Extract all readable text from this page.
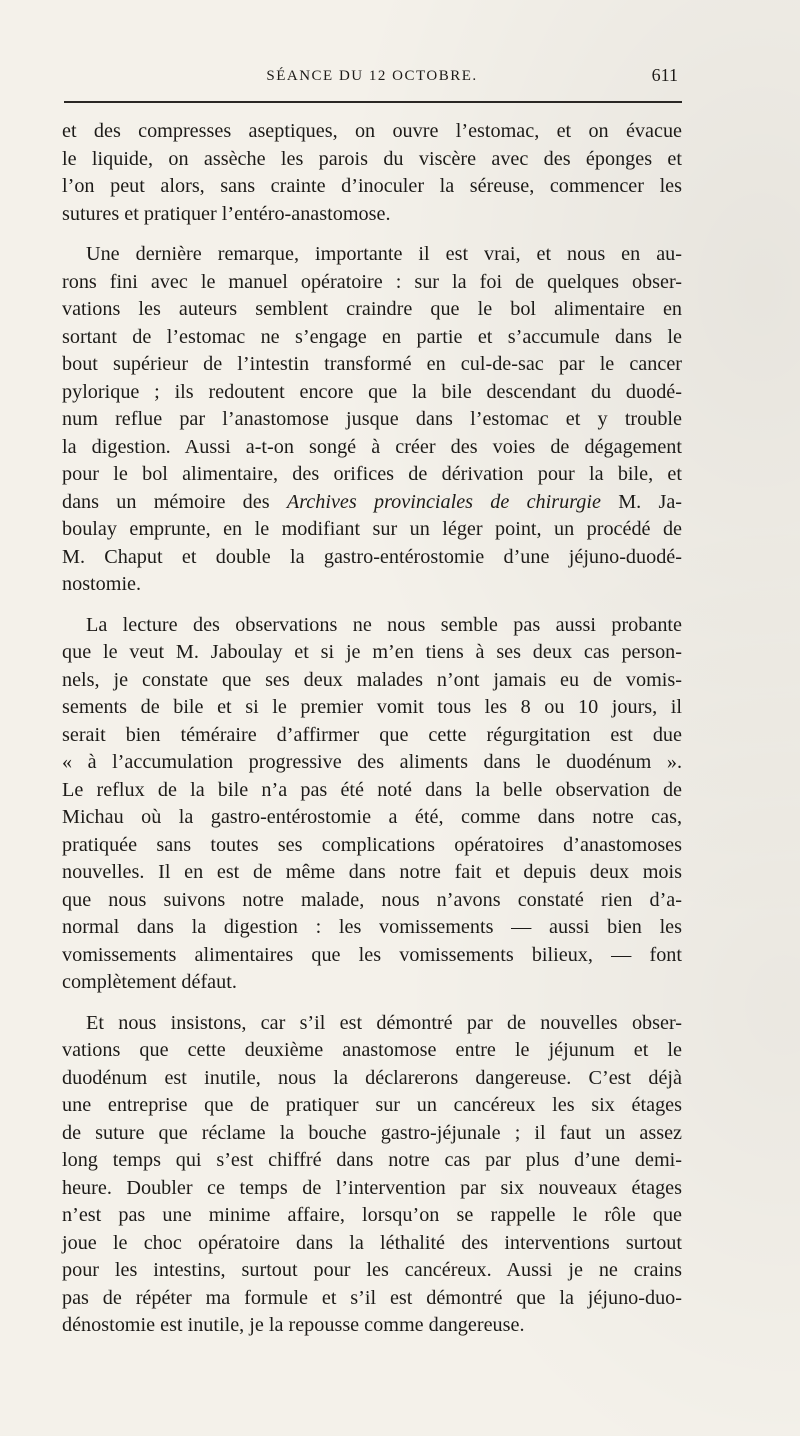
SÉANCE DU 12 OCTOBRE.	611
et des compresses aseptiques, on ouvre l’estomac, et on évacue
le liquide, on assèche les parois du viscère avec des éponges et
l’on peut alors, sans crainte d’inoculer la séreuse, commencer les
sutures et pratiquer l’entéro-anastomose.
Une dernière remarque, importante il est vrai, et nous en au-
rons fini avec le manuel opératoire : sur la foi de quelques obser-
vations les auteurs semblent craindre que le bol alimentaire en
sortant de l’estomac ne s’engage en partie et s’accumule dans le
bout supérieur de l’intestin transformé en cul-de-sac par le cancer
pylorique ; ils redoutent encore que la bile descendant du duodé-
num reflue par l’anastomose jusque dans l’estomac et y trouble
la digestion. Aussi a-t-on songé à créer des voies de dégagement
pour le bol alimentaire, des orifices de dérivation pour la bile, et
dans un mémoire des Archives provinciales de chirurgie M. Ja-
boulay emprunte, en le modifiant sur un léger point, un procédé de
M. Chaput et double la gastro-entérostomie d’une jéjuno-duodé-
nostomie.
La lecture des observations ne nous semble pas aussi probante
que le veut M. Jaboulay et si je m’en tiens à ses deux cas person-
nels, je constate que ses deux malades n’ont jamais eu de vomis-
sements de bile et si le premier vomit tous les 8 ou 10 jours, il
serait bien téméraire d’affirmer que cette régurgitation est due
« à l’accumulation progressive des aliments dans le duodénum ».
Le reflux de la bile n’a pas été noté dans la belle observation de
Michau où la gastro-entérostomie a été, comme dans notre cas,
pratiquée sans toutes ses complications opératoires d’anastomoses
nouvelles. Il en est de même dans notre fait et depuis deux mois
que nous suivons notre malade, nous n’avons constaté rien d’a-
normal dans la digestion : les vomissements — aussi bien les
vomissements alimentaires que les vomissements bilieux, — font
complètement défaut.
Et nous insistons, car s’il est démontré par de nouvelles obser-
vations que cette deuxième anastomose entre le jéjunum et le
duodénum est inutile, nous la déclarerons dangereuse. C’est déjà
une entreprise que de pratiquer sur un cancéreux les six étages
de suture que réclame la bouche gastro-jéjunale ; il faut un assez
long temps qui s’est chiffré dans notre cas par plus d’une demi-
heure. Doubler ce temps de l’intervention par six nouveaux étages
n’est pas une minime affaire, lorsqu’on se rappelle le rôle que
joue le choc opératoire dans la léthalité des interventions surtout
pour les intestins, surtout pour les cancéreux. Aussi je ne crains
pas de répéter ma formule et s’il est démontré que la jéjuno-duo-
dénostomie est inutile, je la repousse comme dangereuse.
